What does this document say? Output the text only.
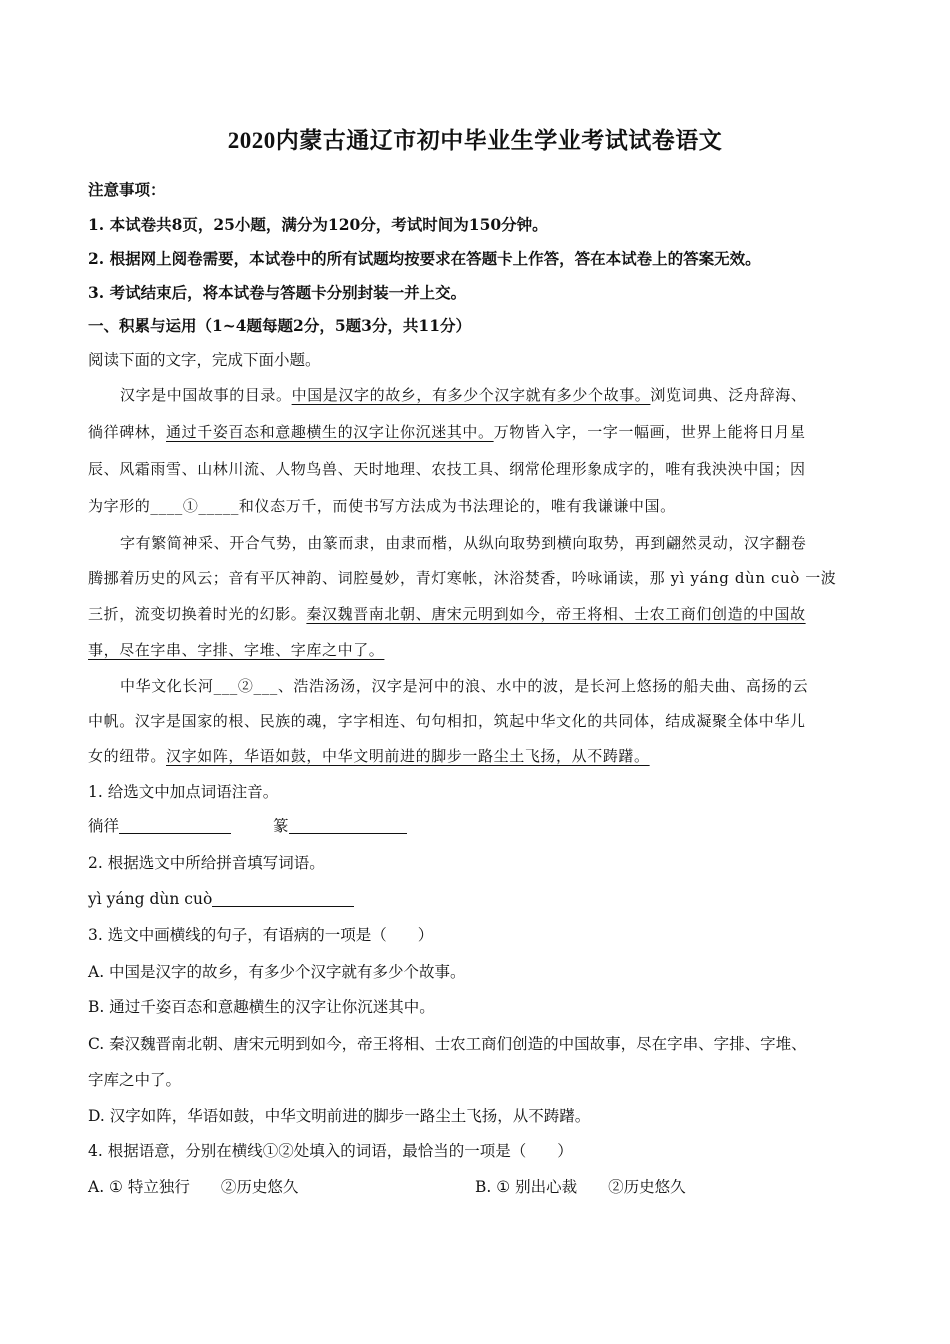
2020内蒙古通辽市初中毕业生学业考试试卷语文
注意事项：
1. 本试卷共8页，25小题，满分为120分，考试时间为150分钟。
2. 根据网上阅卷需要，本试卷中的所有试题均按要求在答题卡上作答，答在本试卷上的答案无效。
3. 考试结束后，将本试卷与答题卡分别封装一并上交。
一、积累与运用（1~4题每题2分，5题3分，共11分）
阅读下面的文字，完成下面小题。
汉字是中国故事的目录。中国是汉字的故乡，有多少个汉字就有多少个故事。浏览词典、泛舟辞海、
徜徉碑林，通过千姿百态和意趣横生的汉字让你沉迷其中。万物皆入字，一字一幅画，世界上能将日月星
辰、风霜雨雪、山林川流、人物鸟兽、天时地理、农技工具、纲常伦理形象成字的，唯有我泱泱中国；因
为字形的____①_____和仪态万千，而使书写方法成为书法理论的，唯有我谦谦中国。
字有繁简神采、开合气势，由篆而隶，由隶而楷，从纵向取势到横向取势，再到翩然灵动，汉字翻卷
腾挪着历史的风云；音有平仄神韵、词腔曼妙，青灯寒帐，沐浴焚香，吟咏诵读，那 yì yáng dùn cuò 一波
三折，流变切换着时光的幻影。秦汉魏晋南北朝、唐宋元明到如今，帝王将相、士农工商们创造的中国故
事，尽在字串、字排、字堆、字库之中了。
中华文化长河___②___、浩浩汤汤，汉字是河中的浪、水中的波，是长河上悠扬的船夫曲、高扬的云
中帆。汉字是国家的根、民族的魂，字字相连、句句相扣，筑起中华文化的共同体，结成凝聚全体中华儿
女的纽带。汉字如阵，华语如鼓，中华文明前进的脚步一路尘土飞扬，从不踌躇。
1. 给选文中加点词语注音。
徜徉	篆
2. 根据选文中所给拼音填写词语。
yì yáng dùn cuò
3. 选文中画横线的句子，有语病的一项是（　　）
A. 中国是汉字的故乡，有多少个汉字就有多少个故事。
B. 通过千姿百态和意趣横生的汉字让你沉迷其中。
C. 秦汉魏晋南北朝、唐宋元明到如今，帝王将相、士农工商们创造的中国故事，尽在字串、字排、字堆、
字库之中了。
D. 汉字如阵，华语如鼓，中华文明前进的脚步一路尘土飞扬，从不踌躇。
4. 根据语意，分别在横线①②处填入的词语，最恰当的一项是（　　）
A. ① 特立独行　　②历史悠久	B. ① 别出心裁　　②历史悠久
